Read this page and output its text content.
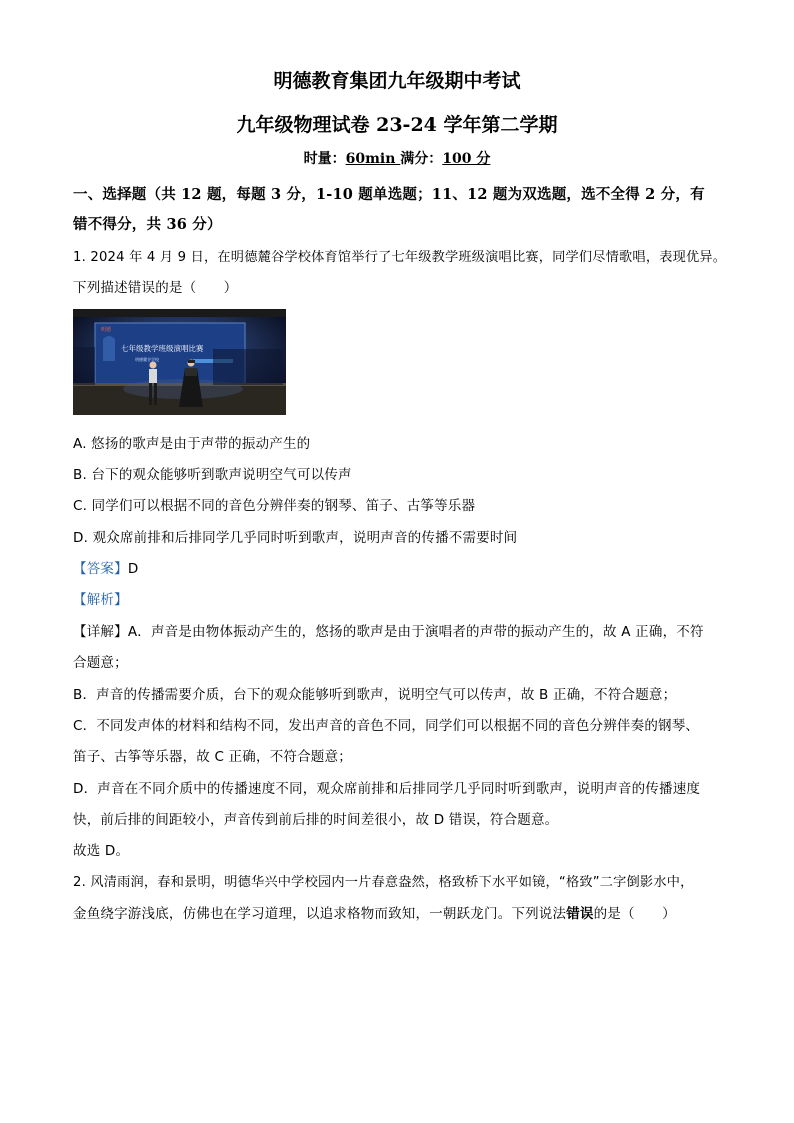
明德教育集团九年级期中考试
九年级物理试卷 23-24 学年第二学期
时量：60min 满分：100 分
一、选择题（共 12 题，每题 3 分，1-10 题单选题；11、12 题为双选题，选不全得 2 分，有
错不得分，共 36 分）
1. 2024 年 4 月 9 日，在明德麓谷学校体育馆举行了七年级教学班级演唱比赛，同学们尽情歌唱，表现优异。
下列描述错误的是（　　）
明德
七年级教学班级演唱比赛
明德麓谷学校
A. 悠扬的歌声是由于声带的振动产生的
B. 台下的观众能够听到歌声说明空气可以传声
C. 同学们可以根据不同的音色分辨伴奏的钢琴、笛子、古筝等乐器
D. 观众席前排和后排同学几乎同时听到歌声，说明声音的传播不需要时间
【答案】D
【解析】
【详解】A．声音是由物体振动产生的，悠扬的歌声是由于演唱者的声带的振动产生的，故 A 正确，不符
合题意；
B．声音的传播需要介质，台下的观众能够听到歌声，说明空气可以传声，故 B 正确，不符合题意；
C．不同发声体的材料和结构不同，发出声音的音色不同，同学们可以根据不同的音色分辨伴奏的钢琴、
笛子、古筝等乐器，故 C 正确，不符合题意；
D．声音在不同介质中的传播速度不同，观众席前排和后排同学几乎同时听到歌声，说明声音的传播速度
快，前后排的间距较小，声音传到前后排的时间差很小，故 D 错误，符合题意。
故选 D。
2. 风清雨润，春和景明，明德华兴中学校园内一片春意盎然，格致桥下水平如镜，“格致”二字倒影水中，
金鱼绕字游浅底，仿佛也在学习道理，以追求格物而致知，一朝跃龙门。下列说法错误的是（　　）
